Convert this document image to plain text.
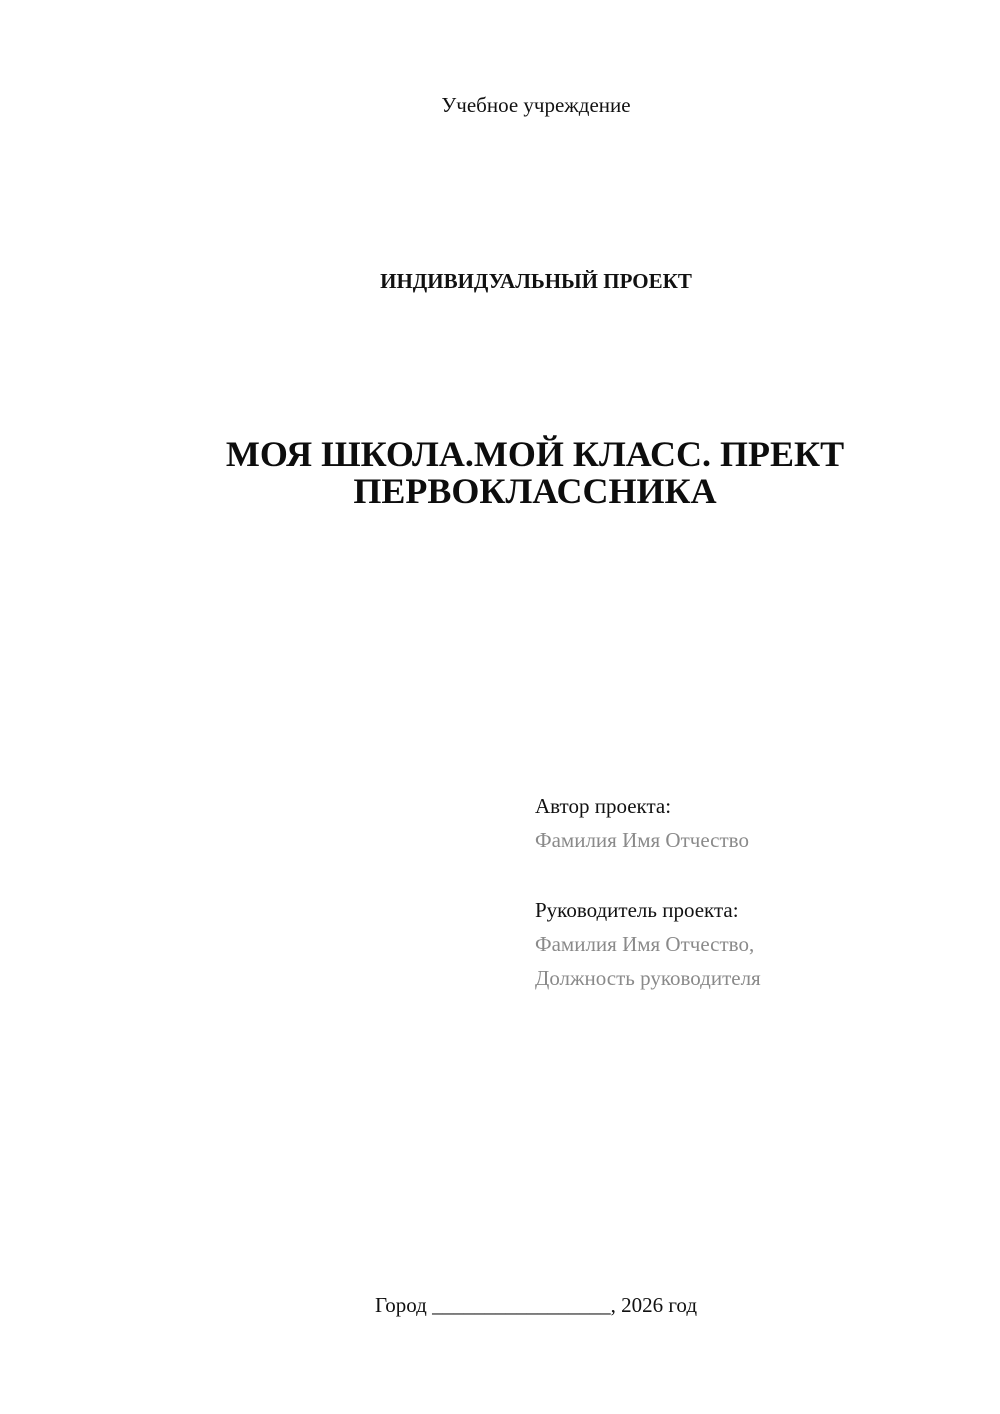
Учебное учреждение
ИНДИВИДУАЛЬНЫЙ ПРОЕКТ
МОЯ ШКОЛА.МОЙ КЛАСС. ПРЕКТ
ПЕРВОКЛАССНИКА
Автор проекта:
Фамилия Имя Отчество
Руководитель проекта:
Фамилия Имя Отчество,
Должность руководителя
Город _________________, 2026 год
